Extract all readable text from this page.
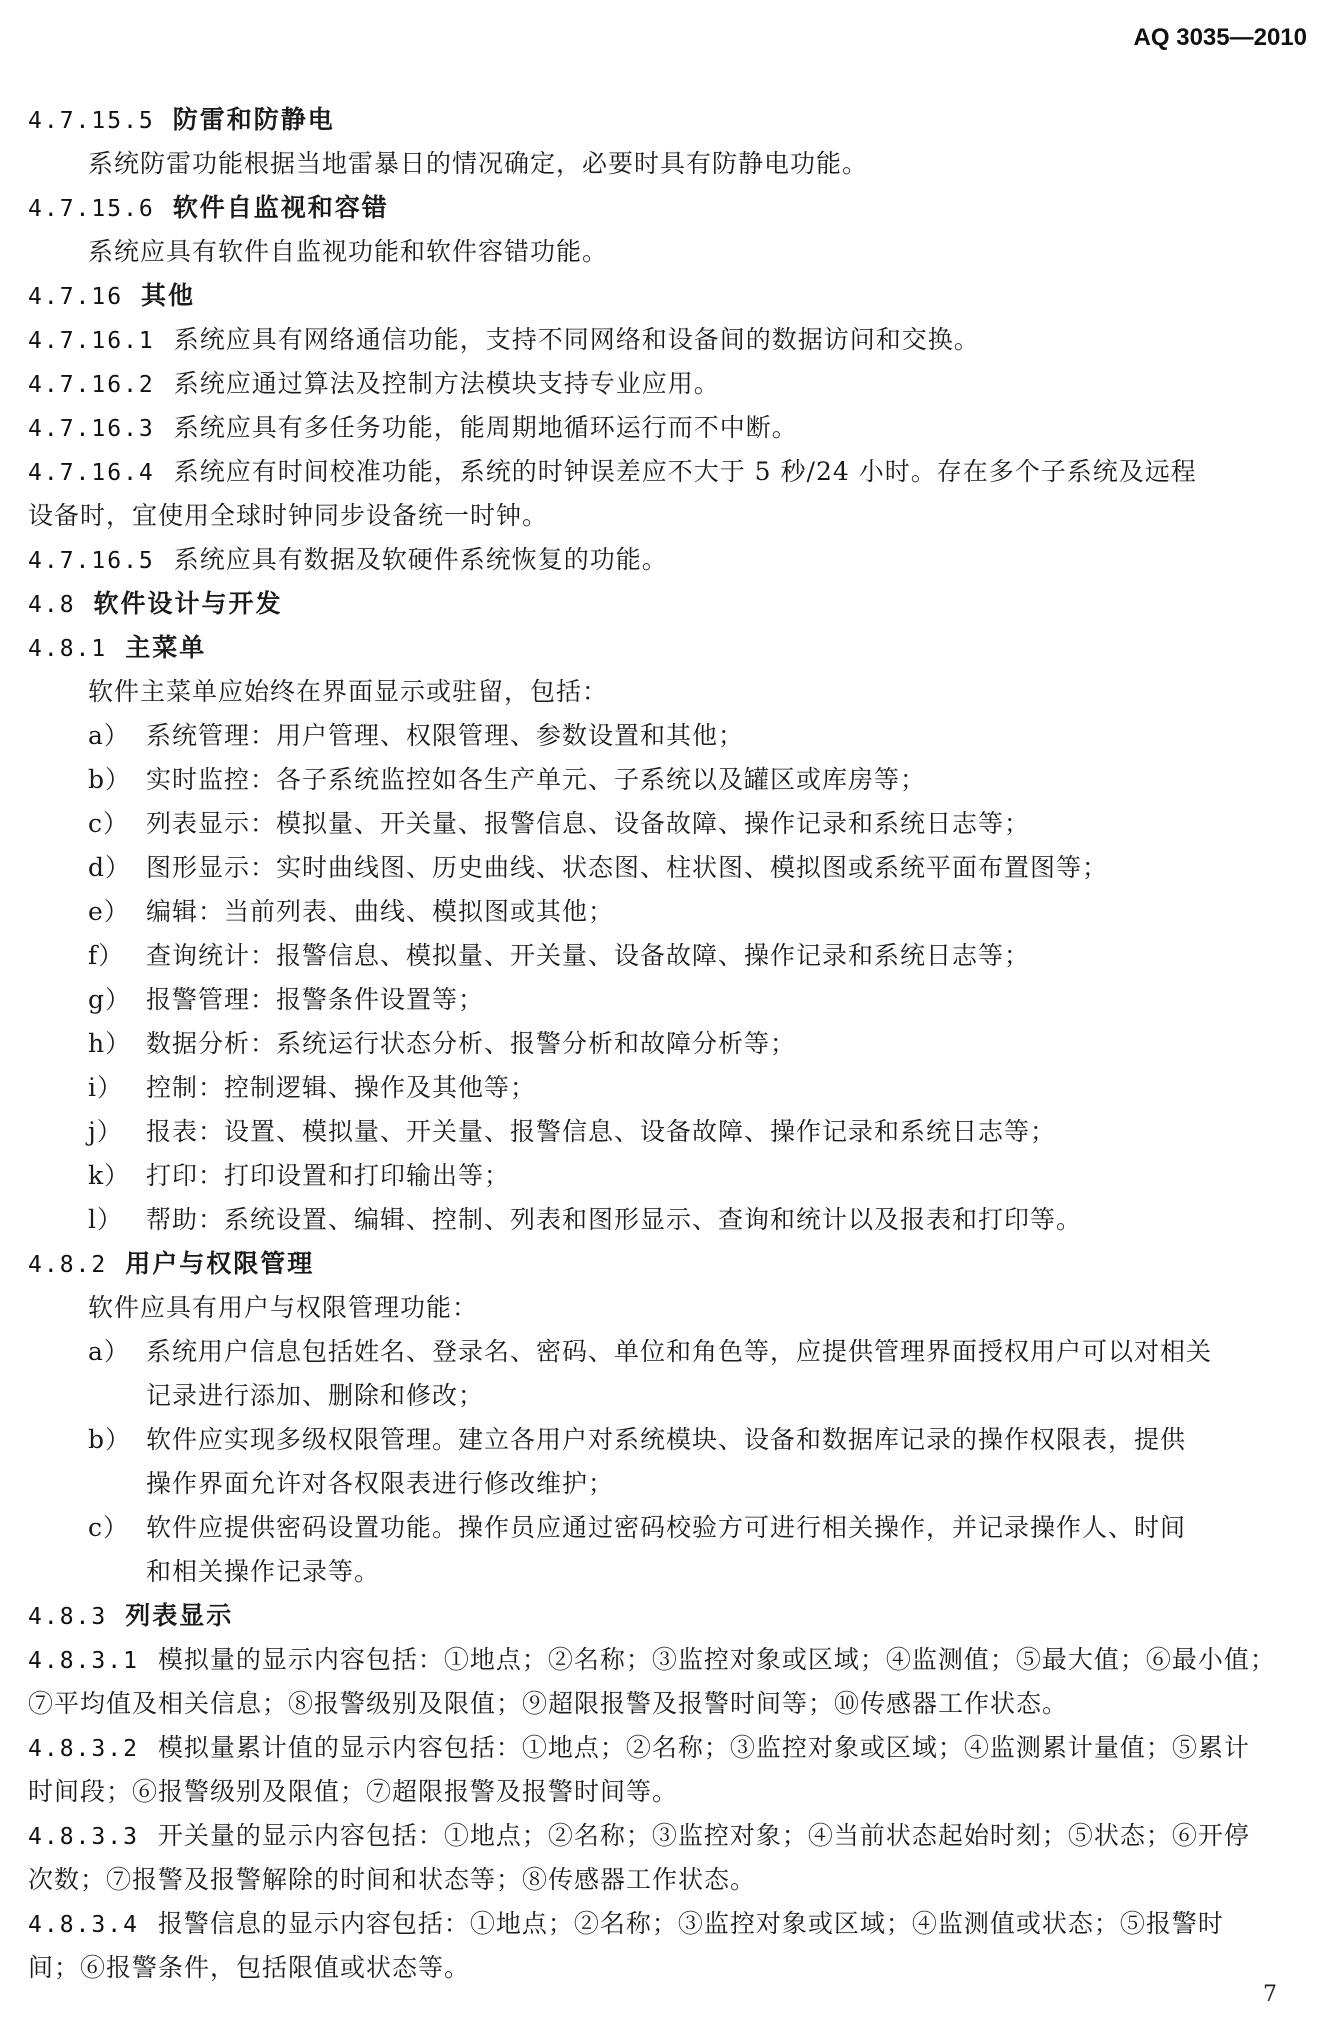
AQ 3035—2010
4.7.15.5 防雷和防静电
系统防雷功能根据当地雷暴日的情况确定，必要时具有防静电功能。
4.7.15.6 软件自监视和容错
系统应具有软件自监视功能和软件容错功能。
4.7.16 其他
4.7.16.1 系统应具有网络通信功能，支持不同网络和设备间的数据访问和交换。
4.7.16.2 系统应通过算法及控制方法模块支持专业应用。
4.7.16.3 系统应具有多任务功能，能周期地循环运行而不中断。
4.7.16.4 系统应有时间校准功能，系统的时钟误差应不大于 5 秒/24 小时。存在多个子系统及远程
设备时，宜使用全球时钟同步设备统一时钟。
4.7.16.5 系统应具有数据及软硬件系统恢复的功能。
4.8 软件设计与开发
4.8.1 主菜单
软件主菜单应始终在界面显示或驻留，包括：
a） 系统管理：用户管理、权限管理、参数设置和其他；
b） 实时监控：各子系统监控如各生产单元、子系统以及罐区或库房等；
c） 列表显示：模拟量、开关量、报警信息、设备故障、操作记录和系统日志等；
d） 图形显示：实时曲线图、历史曲线、状态图、柱状图、模拟图或系统平面布置图等；
e） 编辑：当前列表、曲线、模拟图或其他；
f） 查询统计：报警信息、模拟量、开关量、设备故障、操作记录和系统日志等；
g） 报警管理：报警条件设置等；
h） 数据分析：系统运行状态分析、报警分析和故障分析等；
i） 控制：控制逻辑、操作及其他等；
j） 报表：设置、模拟量、开关量、报警信息、设备故障、操作记录和系统日志等；
k） 打印：打印设置和打印输出等；
l） 帮助：系统设置、编辑、控制、列表和图形显示、查询和统计以及报表和打印等。
4.8.2 用户与权限管理
软件应具有用户与权限管理功能：
a） 系统用户信息包括姓名、登录名、密码、单位和角色等，应提供管理界面授权用户可以对相关
记录进行添加、删除和修改；
b） 软件应实现多级权限管理。建立各用户对系统模块、设备和数据库记录的操作权限表，提供
操作界面允许对各权限表进行修改维护；
c） 软件应提供密码设置功能。操作员应通过密码校验方可进行相关操作，并记录操作人、时间
和相关操作记录等。
4.8.3 列表显示
4.8.3.1 模拟量的显示内容包括：①地点；②名称；③监控对象或区域；④监测值；⑤最大值；⑥最小值；
⑦平均值及相关信息；⑧报警级别及限值；⑨超限报警及报警时间等；⑩传感器工作状态。
4.8.3.2 模拟量累计值的显示内容包括：①地点；②名称；③监控对象或区域；④监测累计量值；⑤累计
时间段；⑥报警级别及限值；⑦超限报警及报警时间等。
4.8.3.3 开关量的显示内容包括：①地点；②名称；③监控对象；④当前状态起始时刻；⑤状态；⑥开停
次数；⑦报警及报警解除的时间和状态等；⑧传感器工作状态。
4.8.3.4 报警信息的显示内容包括：①地点；②名称；③监控对象或区域；④监测值或状态；⑤报警时
间；⑥报警条件，包括限值或状态等。
7
